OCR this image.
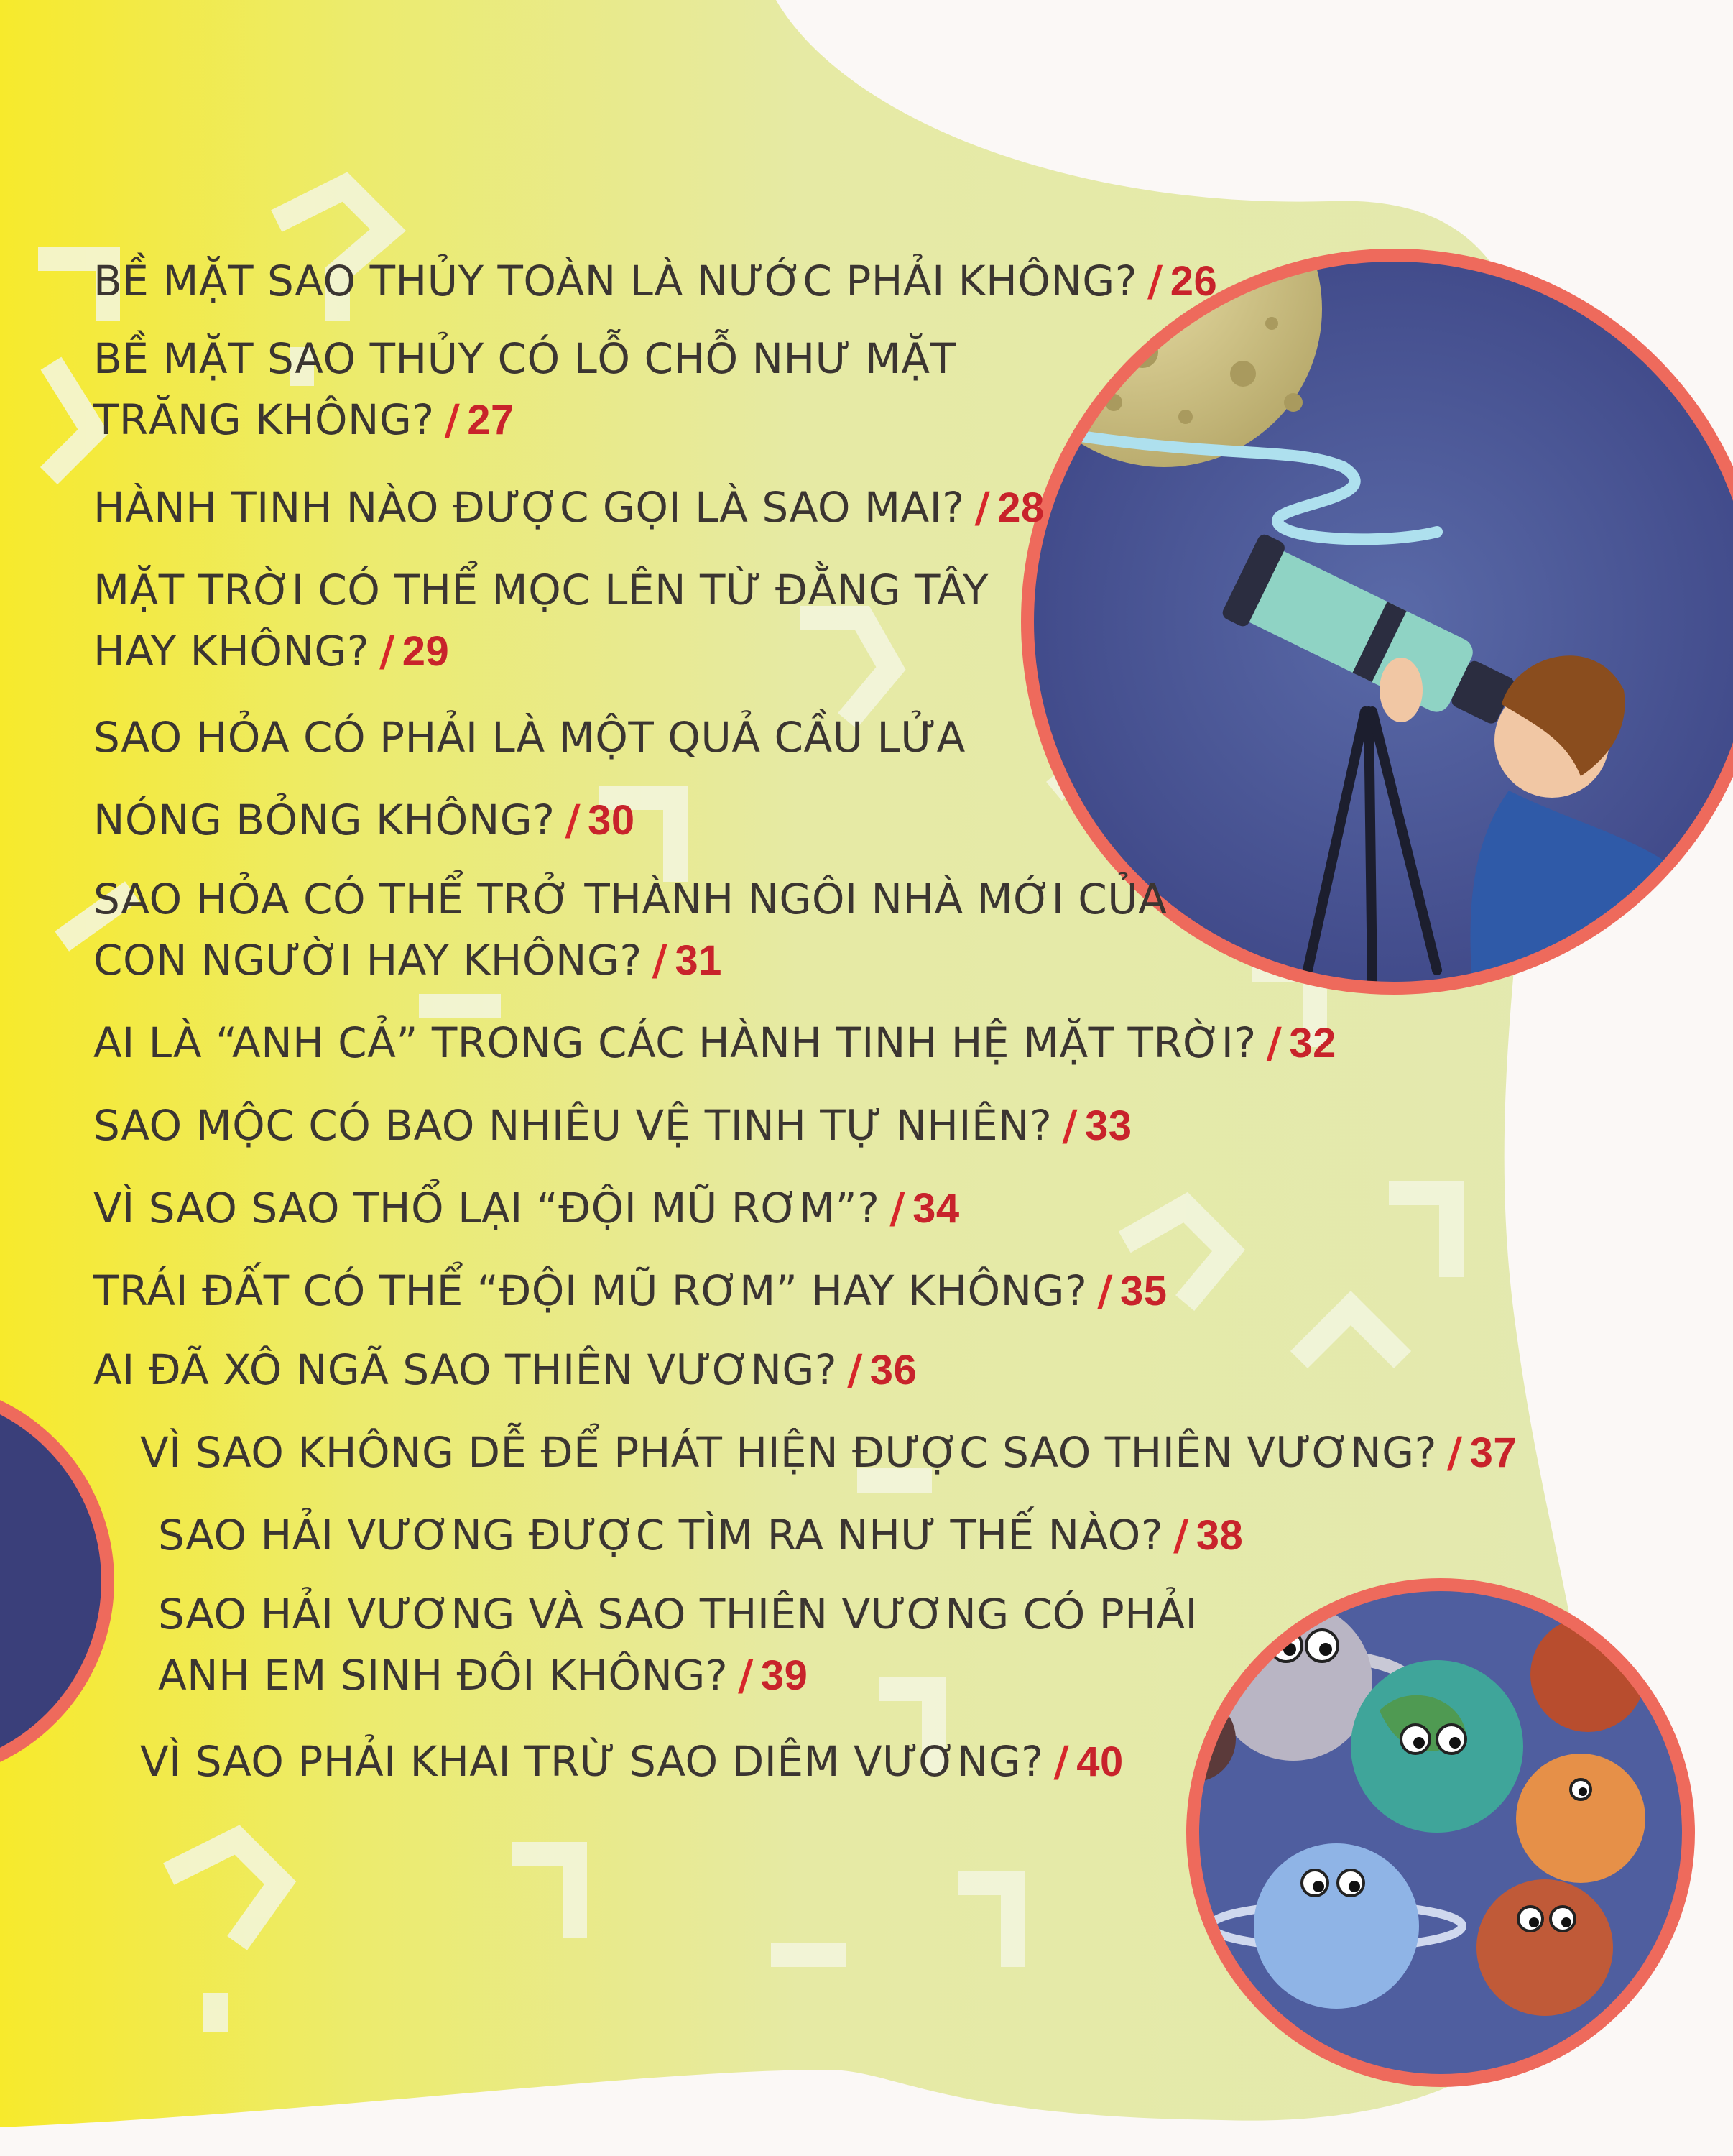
BỀ MẶT SAO THỦY TOÀN LÀ NƯỚC PHẢI KHÔNG? / 26
BỀ MẶT SAO THỦY CÓ LỖ CHỖ NHƯ MẶT
TRĂNG KHÔNG? / 27
HÀNH TINH NÀO ĐƯỢC GỌI LÀ SAO MAI? / 28
MẶT TRỜI CÓ THỂ MỌC LÊN TỪ ĐẰNG TÂY
HAY KHÔNG? / 29
SAO HỎA CÓ PHẢI LÀ MỘT QUẢ CẦU LỬA
NÓNG BỎNG KHÔNG? / 30
SAO HỎA CÓ THỂ TRỞ THÀNH NGÔI NHÀ MỚI CỦA
CON NGƯỜI HAY KHÔNG? / 31
AI LÀ “ANH CẢ” TRONG CÁC HÀNH TINH HỆ MẶT TRỜI? / 32
SAO MỘC CÓ BAO NHIÊU VỆ TINH TỰ NHIÊN? / 33
VÌ SAO SAO THỔ LẠI “ĐỘI MŨ RƠM”? / 34
TRÁI ĐẤT CÓ THỂ “ĐỘI MŨ RƠM” HAY KHÔNG? / 35
AI ĐÃ XÔ NGÃ SAO THIÊN VƯƠNG? / 36
VÌ SAO KHÔNG DỄ ĐỂ PHÁT HIỆN ĐƯỢC SAO THIÊN VƯƠNG? / 37
SAO HẢI VƯƠNG ĐƯỢC TÌM RA NHƯ THẾ NÀO? / 38
SAO HẢI VƯƠNG VÀ SAO THIÊN VƯƠNG CÓ PHẢI
ANH EM SINH ĐÔI KHÔNG? / 39
VÌ SAO PHẢI KHAI TRỪ SAO DIÊM VƯƠNG? / 40
